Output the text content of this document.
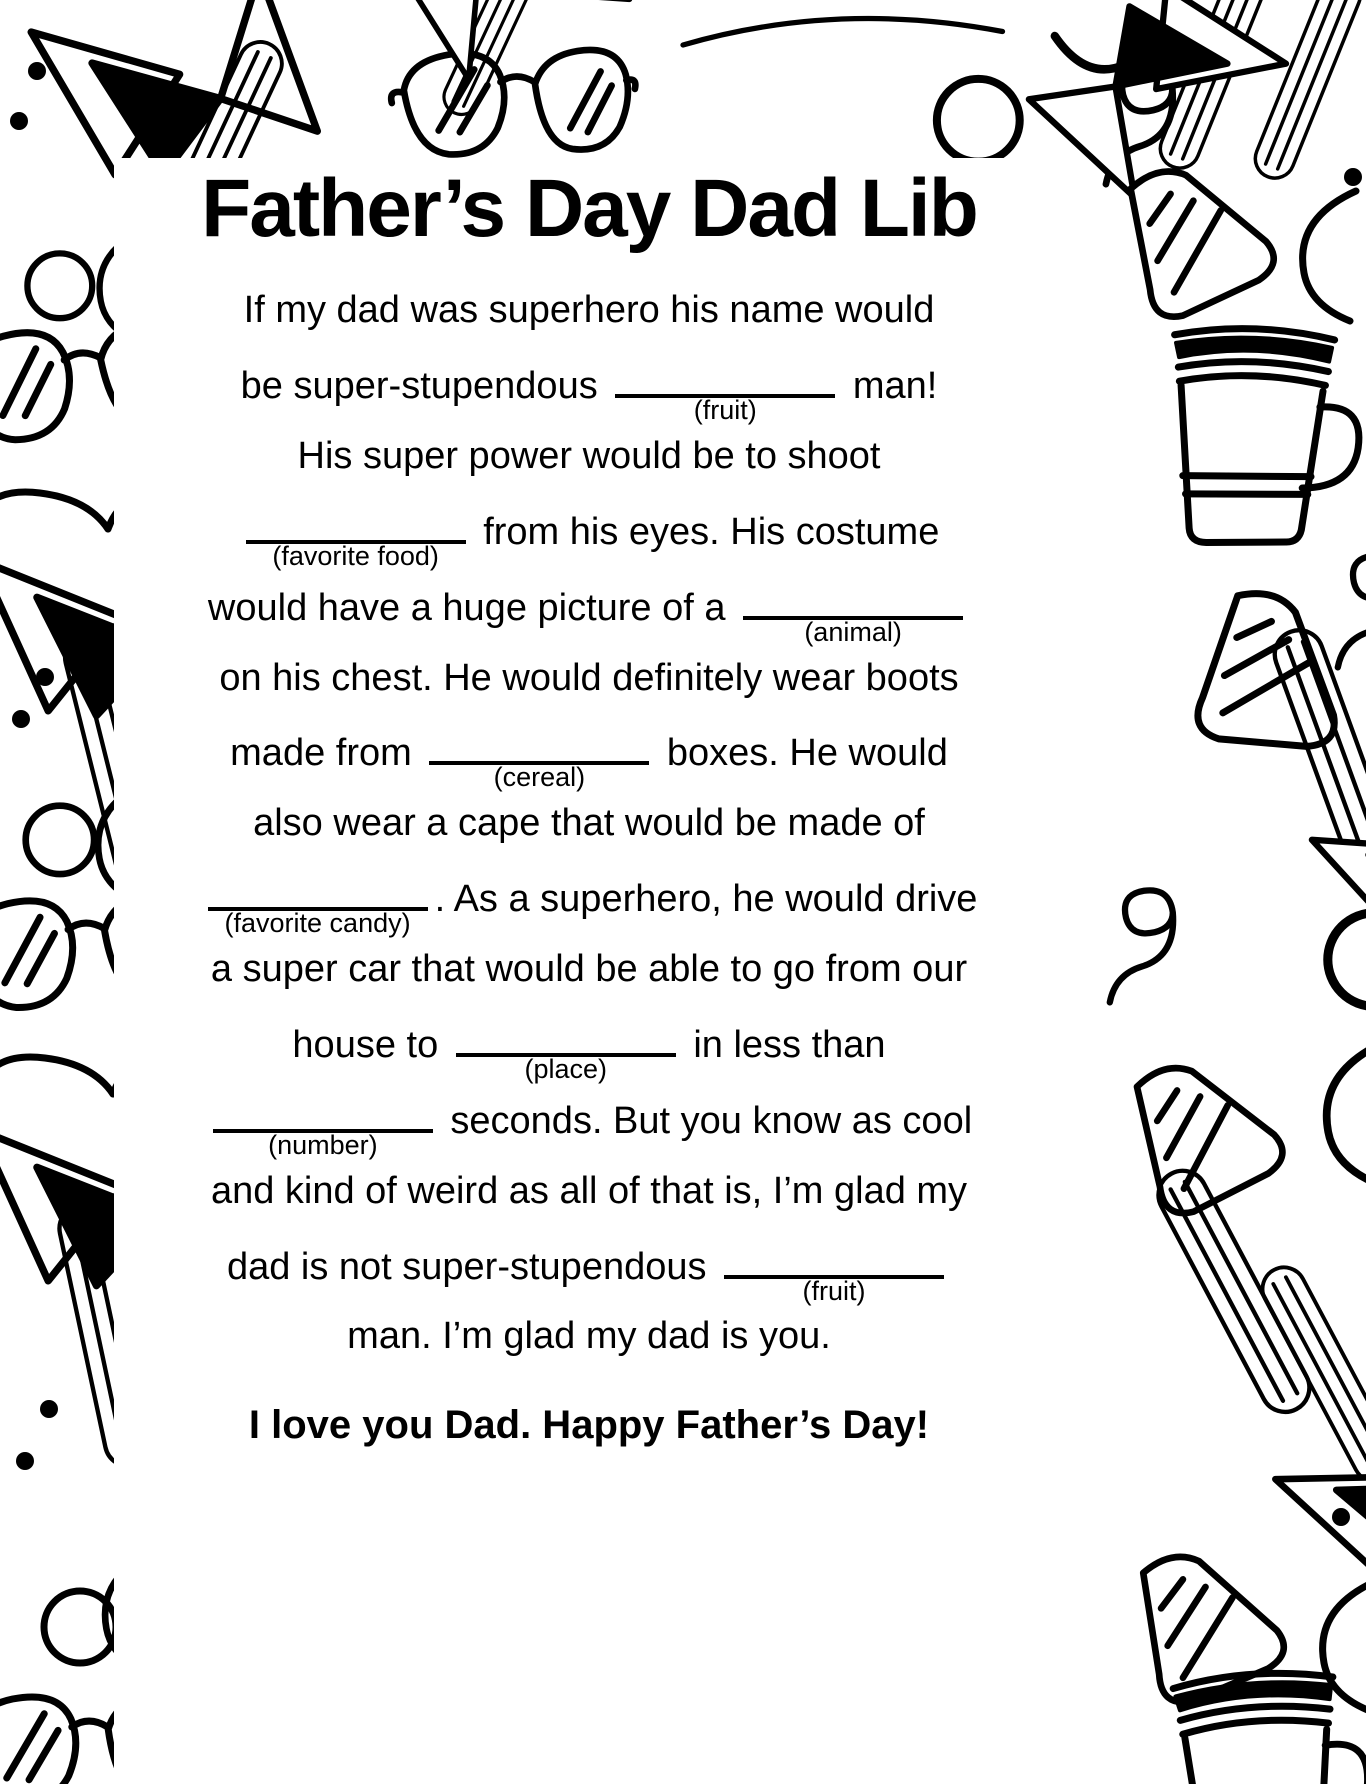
Father’s Day Dad Lib
If my dad was superhero his name would
be super-stupendous
(fruit)
man!
His super power would be to shoot
(favorite food)
from his eyes. His costume
would have a huge picture of a
(animal)
on his chest. He would definitely wear boots
made from
(cereal)
boxes. He would
also wear a cape that would be made of
(favorite candy)
. As a superhero, he would drive
a super car that would be able to go from our
house to
(place)
in less than
(number)
seconds. But you know as cool
and kind of weird as all of that is, I’m glad my
dad is not super-stupendous
(fruit)
man. I’m glad my dad is you.
I love you Dad. Happy Father’s Day!
